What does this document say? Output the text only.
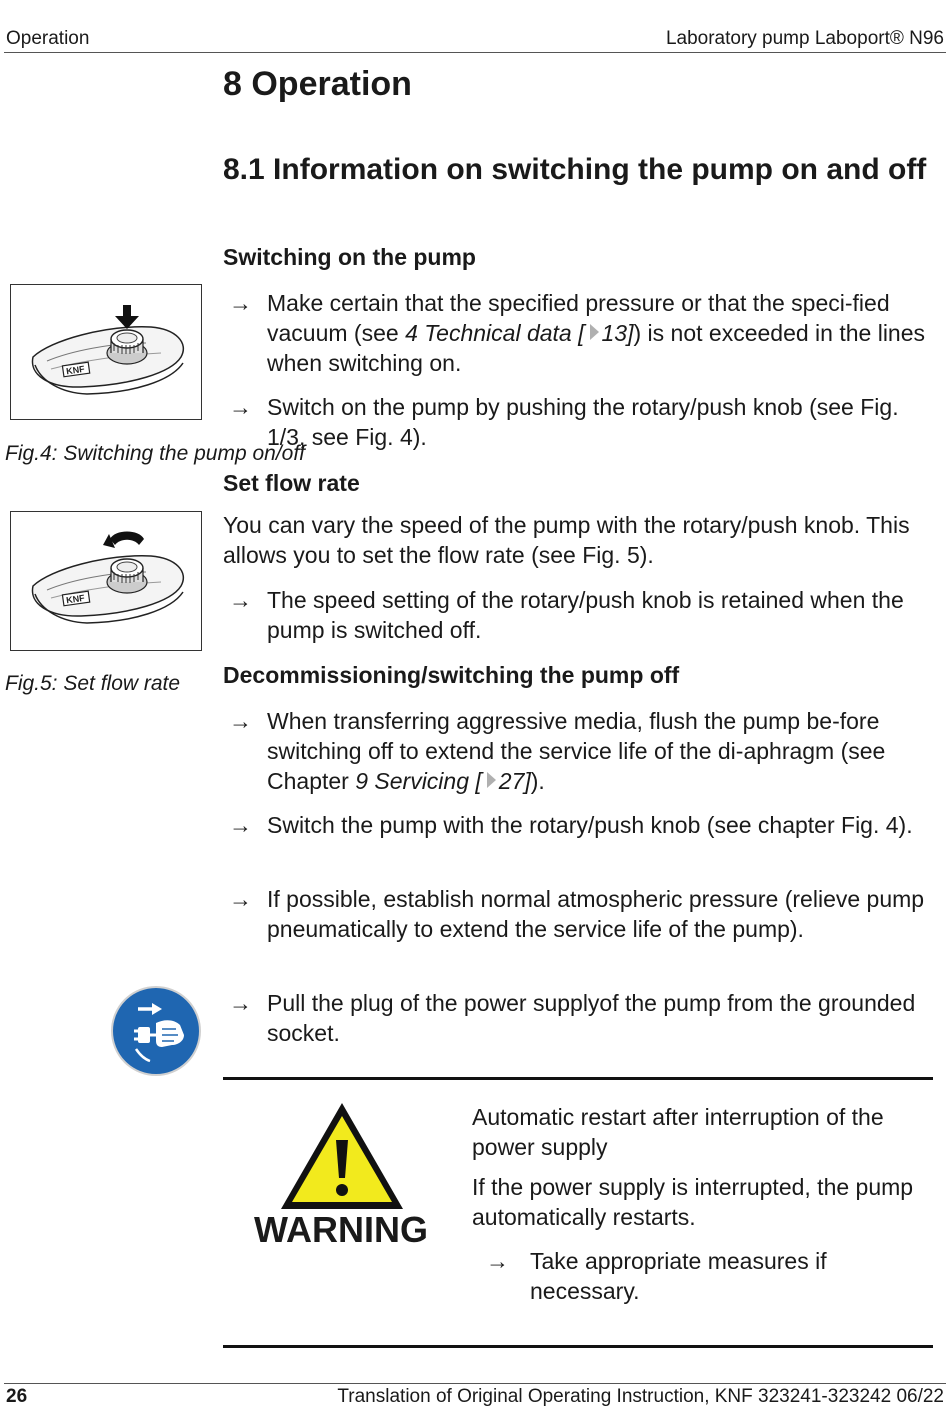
Operation	Laboratory pump Laboport® N96
8 Operation
8.1 Information on switching the pump on and off
Switching on the pump
→ Make certain that the specified pressure or that the speci-fied vacuum (see 4 Technical data [ 13]) is not exceeded in the lines when switching on.
→ Switch on the pump by pushing the rotary/push knob (see Fig. 1/3, see Fig. 4).
Set flow rate
You can vary the speed of the pump with the rotary/push knob. This allows you to set the flow rate (see Fig. 5).
→ The speed setting of the rotary/push knob is retained when the pump is switched off.
Decommissioning/switching the pump off
→ When transferring aggressive media, flush the pump be-fore switching off to extend the service life of the di-aphragm (see Chapter 9 Servicing [ 27]).
→ Switch the pump with the rotary/push knob (see chapter Fig. 4).
→ If possible, establish normal atmospheric pressure (relieve pump pneumatically to extend the service life of the pump).
→ Pull the plug of the power supplyof the pump from the grounded socket.
KNF
Fig.4: Switching the pump on/off
KNF
Fig.5: Set flow rate
WARNING
Automatic restart after interruption of the power supply
If the power supply is interrupted, the pump automatically restarts.
→ Take appropriate measures if necessary.
26	Translation of Original Operating Instruction, KNF 323241-323242 06/22
